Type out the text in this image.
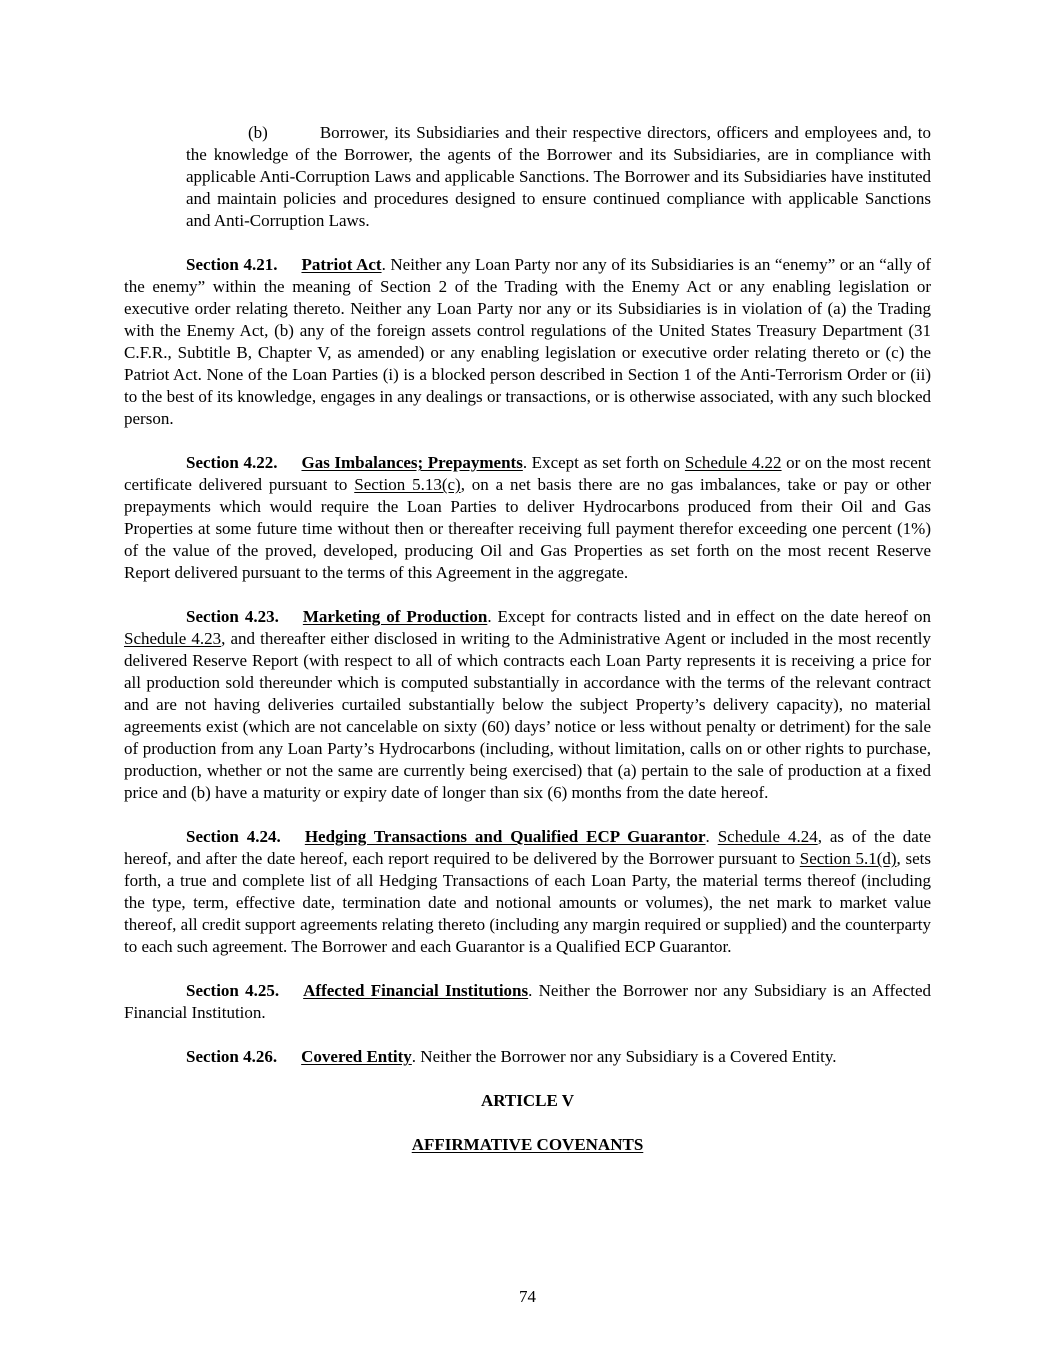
(b)	Borrower, its Subsidiaries and their respective directors, officers and employees and, to the knowledge of the Borrower, the agents of the Borrower and its Subsidiaries, are in compliance with applicable Anti-Corruption Laws and applicable Sanctions. The Borrower and its Subsidiaries have instituted and maintain policies and procedures designed to ensure continued compliance with applicable Sanctions and Anti-Corruption Laws.

Section 4.21. Patriot Act. Neither any Loan Party nor any of its Subsidiaries is an “enemy” or an “ally of the enemy” within the meaning of Section 2 of the Trading with the Enemy Act or any enabling legislation or executive order relating thereto. Neither any Loan Party nor any or its Subsidiaries is in violation of (a) the Trading with the Enemy Act, (b) any of the foreign assets control regulations of the United States Treasury Department (31 C.F.R., Subtitle B, Chapter V, as amended) or any enabling legislation or executive order relating thereto or (c) the Patriot Act. None of the Loan Parties (i) is a blocked person described in Section 1 of the Anti-Terrorism Order or (ii) to the best of its knowledge, engages in any dealings or transactions, or is otherwise associated, with any such blocked person.

Section 4.22. Gas Imbalances; Prepayments. Except as set forth on Schedule 4.22 or on the most recent certificate delivered pursuant to Section 5.13(c), on a net basis there are no gas imbalances, take or pay or other prepayments which would require the Loan Parties to deliver Hydrocarbons produced from their Oil and Gas Properties at some future time without then or thereafter receiving full payment therefor exceeding one percent (1%) of the value of the proved, developed, producing Oil and Gas Properties as set forth on the most recent Reserve Report delivered pursuant to the terms of this Agreement in the aggregate.

Section 4.23. Marketing of Production. Except for contracts listed and in effect on the date hereof on Schedule 4.23, and thereafter either disclosed in writing to the Administrative Agent or included in the most recently delivered Reserve Report (with respect to all of which contracts each Loan Party represents it is receiving a price for all production sold thereunder which is computed substantially in accordance with the terms of the relevant contract and are not having deliveries curtailed substantially below the subject Property’s delivery capacity), no material agreements exist (which are not cancelable on sixty (60) days’ notice or less without penalty or detriment) for the sale of production from any Loan Party’s Hydrocarbons (including, without limitation, calls on or other rights to purchase, production, whether or not the same are currently being exercised) that (a) pertain to the sale of production at a fixed price and (b) have a maturity or expiry date of longer than six (6) months from the date hereof.

Section 4.24. Hedging Transactions and Qualified ECP Guarantor. Schedule 4.24, as of the date hereof, and after the date hereof, each report required to be delivered by the Borrower pursuant to Section 5.1(d), sets forth, a true and complete list of all Hedging Transactions of each Loan Party, the material terms thereof (including the type, term, effective date, termination date and notional amounts or volumes), the net mark to market value thereof, all credit support agreements relating thereto (including any margin required or supplied) and the counterparty to each such agreement. The Borrower and each Guarantor is a Qualified ECP Guarantor.

Section 4.25. Affected Financial Institutions. Neither the Borrower nor any Subsidiary is an Affected Financial Institution.

Section 4.26. Covered Entity. Neither the Borrower nor any Subsidiary is a Covered Entity.

ARTICLE V

AFFIRMATIVE COVENANTS

74
